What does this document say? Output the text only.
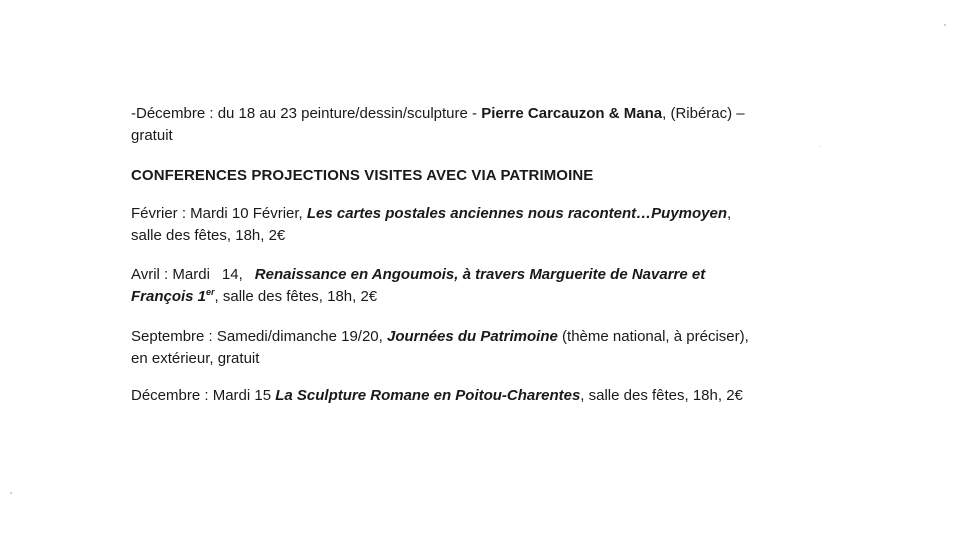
-Décembre : du 18 au 23 peinture/dessin/sculpture - Pierre Carcauzon & Mana, (Ribérac) –
gratuit

CONFERENCES PROJECTIONS VISITES AVEC VIA PATRIMOINE

Février : Mardi 10 Février, Les cartes postales anciennes nous racontent…Puymoyen,
salle des fêtes, 18h, 2€

Avril : Mardi 14, Renaissance en Angoumois, à travers Marguerite de Navarre et
François 1er, salle des fêtes, 18h, 2€

Septembre : Samedi/dimanche 19/20, Journées du Patrimoine (thème national, à préciser),
en extérieur, gratuit

Décembre : Mardi 15 La Sculpture Romane en Poitou-Charentes, salle des fêtes, 18h, 2€
